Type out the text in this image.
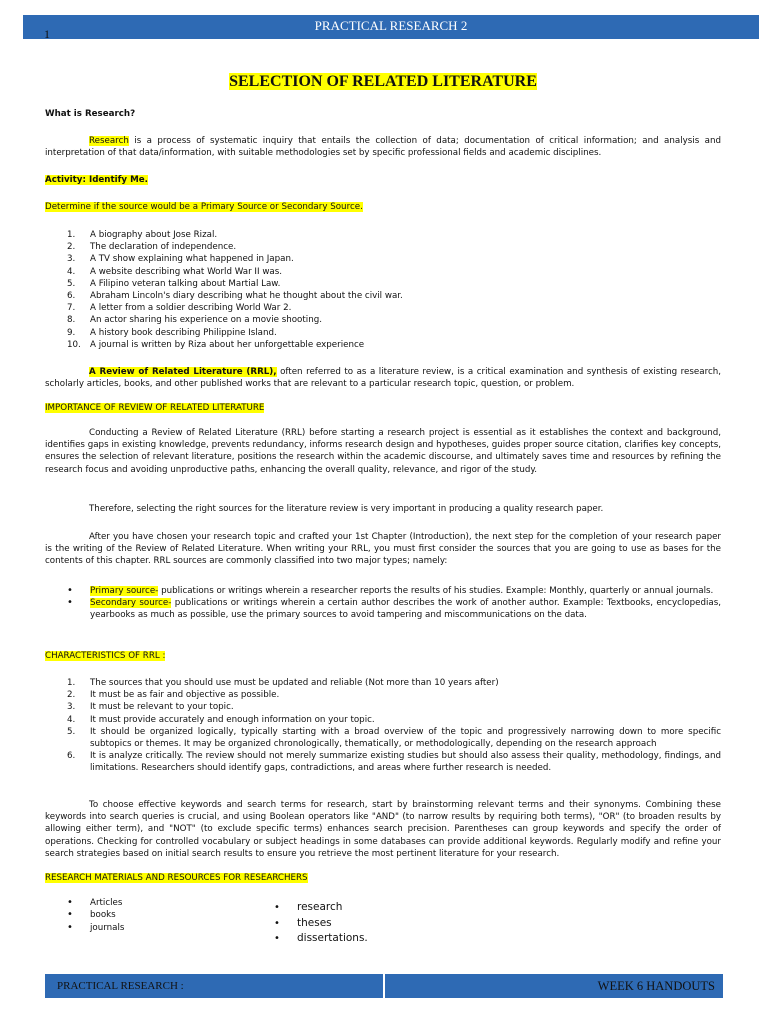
PRACTICAL RESEARCH 2
1
SELECTION OF RELATED LITERATURE

What is Research?

Research is a process of systematic inquiry that entails the collection of data; documentation of critical information; and analysis and interpretation of that data/information, with suitable methodologies set by specific professional fields and academic disciplines.

Activity: Identify Me.

Determine if the source would be a Primary Source or Secondary Source.

1. A biography about Jose Rizal.
2. The declaration of independence.
3. A TV show explaining what happened in Japan.
4. A website describing what World War II was.
5. A Filipino veteran talking about Martial Law.
6. Abraham Lincoln's diary describing what he thought about the civil war.
7. A letter from a soldier describing World War 2.
8. An actor sharing his experience on a movie shooting.
9. A history book describing Philippine Island.
10. A journal is written by Riza about her unforgettable experience

A Review of Related Literature (RRL), often referred to as a literature review, is a critical examination and synthesis of existing research, scholarly articles, books, and other published works that are relevant to a particular research topic, question, or problem.

IMPORTANCE OF REVIEW OF RELATED LITERATURE

Conducting a Review of Related Literature (RRL) before starting a research project is essential as it establishes the context and background, identifies gaps in existing knowledge, prevents redundancy, informs research design and hypotheses, guides proper source citation, clarifies key concepts, ensures the selection of relevant literature, positions the research within the academic discourse, and ultimately saves time and resources by refining the research focus and avoiding unproductive paths, enhancing the overall quality, relevance, and rigor of the study.

Therefore, selecting the right sources for the literature review is very important in producing a quality research paper.

After you have chosen your research topic and crafted your 1st Chapter (Introduction), the next step for the completion of your research paper is the writing of the Review of Related Literature. When writing your RRL, you must first consider the sources that you are going to use as bases for the contents of this chapter. RRL sources are commonly classified into two major types; namely:

• Primary source- publications or writings wherein a researcher reports the results of his studies. Example: Monthly, quarterly or annual journals.
• Secondary source- publications or writings wherein a certain author describes the work of another author. Example: Textbooks, encyclopedias, yearbooks as much as possible, use the primary sources to avoid tampering and miscommunications on the data.

CHARACTERISTICS OF RRL :

1. The sources that you should use must be updated and reliable (Not more than 10 years after)
2. It must be as fair and objective as possible.
3. It must be relevant to your topic.
4. It must provide accurately and enough information on your topic.
5. It should be organized logically, typically starting with a broad overview of the topic and progressively narrowing down to more specific subtopics or themes. It may be organized chronologically, thematically, or methodologically, depending on the research approach
6. It is analyze critically. The review should not merely summarize existing studies but should also assess their quality, methodology, findings, and limitations. Researchers should identify gaps, contradictions, and areas where further research is needed.

To choose effective keywords and search terms for research, start by brainstorming relevant terms and their synonyms. Combining these keywords into search queries is crucial, and using Boolean operators like "AND" (to narrow results by requiring both terms), "OR" (to broaden results by allowing either term), and "NOT" (to exclude specific terms) enhances search precision. Parentheses can group keywords and specify the order of operations. Checking for controlled vocabulary or subject headings in some databases can provide additional keywords. Regularly modify and refine your search strategies based on initial search results to ensure you retrieve the most pertinent literature for your research.

RESEARCH MATERIALS AND RESOURCES FOR RESEARCHERS

• Articles
• books
• journals
• research
• theses
• dissertations.
PRACTICAL RESEARCH :	WEEK 6 HANDOUTS
